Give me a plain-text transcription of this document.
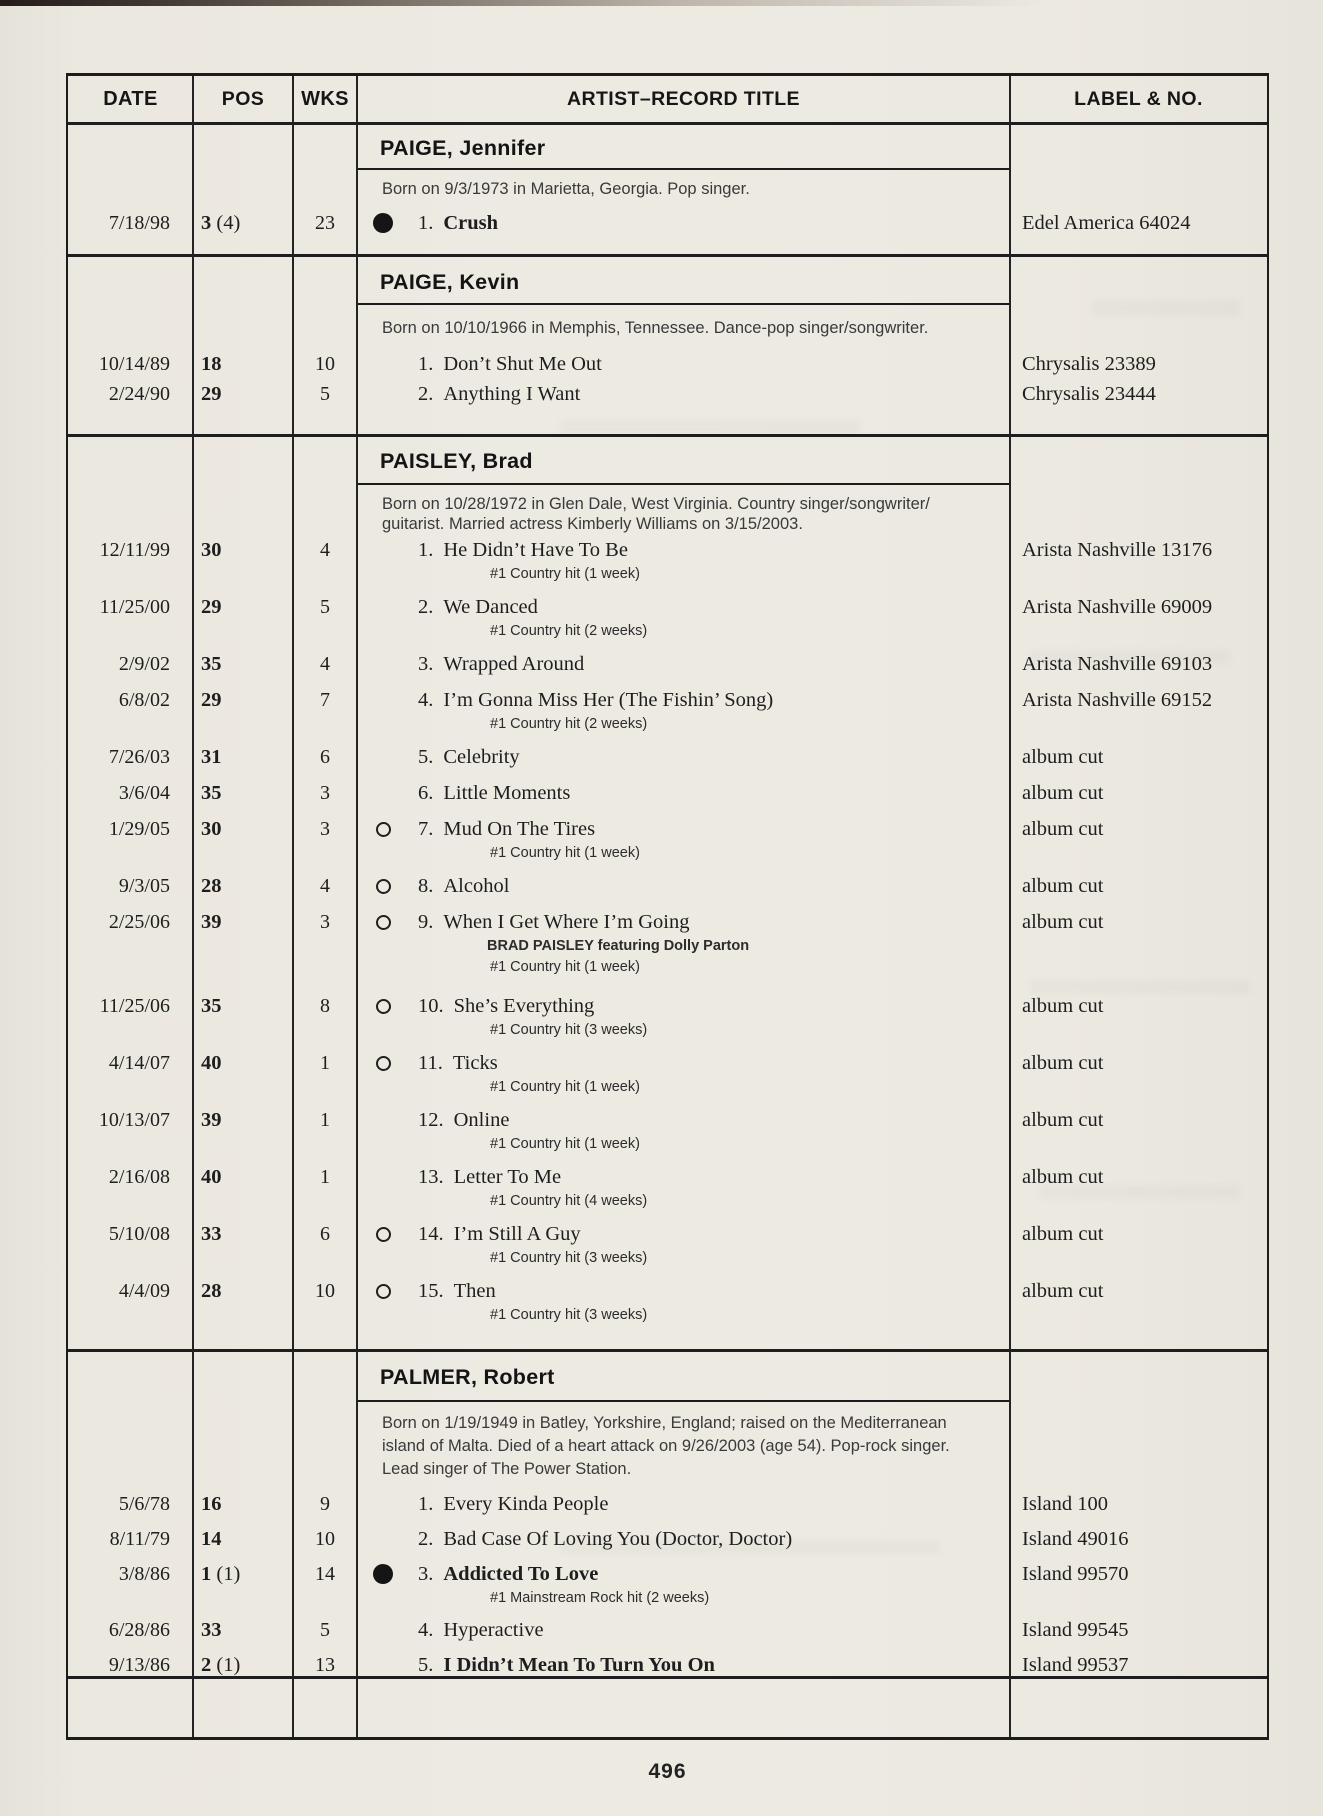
DATE	POS	WKS	ARTIST–RECORD TITLE	LABEL & NO.
PAIGE, Jennifer
Born on 9/3/1973 in Marietta, Georgia. Pop singer.
7/18/98	3 (4)	23	1. Crush	Edel America 64024
PAIGE, Kevin
Born on 10/10/1966 in Memphis, Tennessee. Dance-pop singer/songwriter.
10/14/89	18	10	1. Don’t Shut Me Out	Chrysalis 23389
2/24/90	29	5	2. Anything I Want	Chrysalis 23444
PAISLEY, Brad
Born on 10/28/1972 in Glen Dale, West Virginia. Country singer/songwriter/
guitarist. Married actress Kimberly Williams on 3/15/2003.
12/11/99	30	4	1. He Didn’t Have To Be	Arista Nashville 13176
#1 Country hit (1 week)
11/25/00	29	5	2. We Danced	Arista Nashville 69009
#1 Country hit (2 weeks)
2/9/02	35	4	3. Wrapped Around	Arista Nashville 69103
6/8/02	29	7	4. I’m Gonna Miss Her (The Fishin’ Song)	Arista Nashville 69152
#1 Country hit (2 weeks)
7/26/03	31	6	5. Celebrity	album cut
3/6/04	35	3	6. Little Moments	album cut
1/29/05	30	3	7. Mud On The Tires	album cut
#1 Country hit (1 week)
9/3/05	28	4	8. Alcohol	album cut
2/25/06	39	3	9. When I Get Where I’m Going	album cut
BRAD PAISLEY featuring Dolly Parton
#1 Country hit (1 week)
11/25/06	35	8	10. She’s Everything	album cut
#1 Country hit (3 weeks)
4/14/07	40	1	11. Ticks	album cut
#1 Country hit (1 week)
10/13/07	39	1	12. Online	album cut
#1 Country hit (1 week)
2/16/08	40	1	13. Letter To Me	album cut
#1 Country hit (4 weeks)
5/10/08	33	6	14. I’m Still A Guy	album cut
#1 Country hit (3 weeks)
4/4/09	28	10	15. Then	album cut
#1 Country hit (3 weeks)
PALMER, Robert
Born on 1/19/1949 in Batley, Yorkshire, England; raised on the Mediterranean
island of Malta. Died of a heart attack on 9/26/2003 (age 54). Pop-rock singer.
Lead singer of The Power Station.
5/6/78	16	9	1. Every Kinda People	Island 100
8/11/79	14	10	2. Bad Case Of Loving You (Doctor, Doctor)	Island 49016
3/8/86	1 (1)	14	3. Addicted To Love	Island 99570
#1 Mainstream Rock hit (2 weeks)
6/28/86	33	5	4. Hyperactive	Island 99545
9/13/86	2 (1)	13	5. I Didn’t Mean To Turn You On	Island 99537
496
